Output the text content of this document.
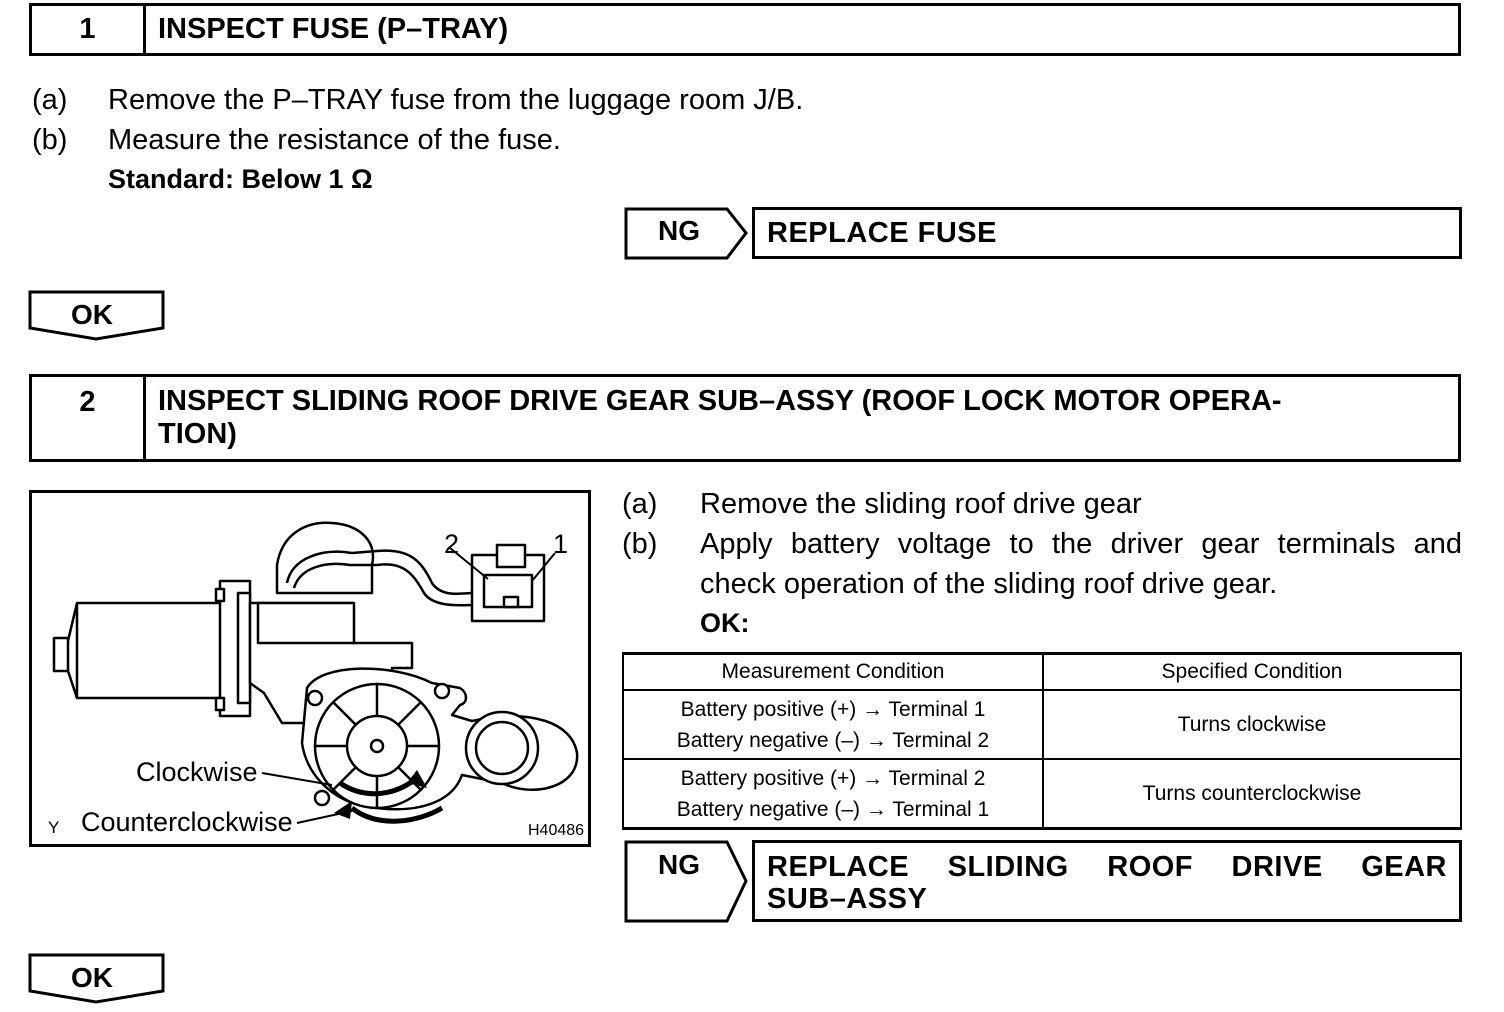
1	INSPECT FUSE (P–TRAY)
(a) Remove the P–TRAY fuse from the luggage room J/B.
(b) Measure the resistance of the fuse.
Standard: Below 1 Ω
NG	REPLACE FUSE
OK
2	INSPECT SLIDING ROOF DRIVE GEAR SUB–ASSY (ROOF LOCK MOTOR OPERA-
TION)
2	1
Clockwise
Counterclockwise
Y	H40486
(a) Remove the sliding roof drive gear
(b) Apply battery voltage to the driver gear terminals and
check operation of the sliding roof drive gear.
OK:
Measurement Condition	Specified Condition

Battery positive (+) → Terminal 1
Battery negative (–) → Terminal 2	Turns clockwise

Battery positive (+) → Terminal 2
Battery negative (–) → Terminal 1	Turns counterclockwise
NG REPLACE SLIDING ROOF DRIVE GEAR
SUB–ASSY
OK
